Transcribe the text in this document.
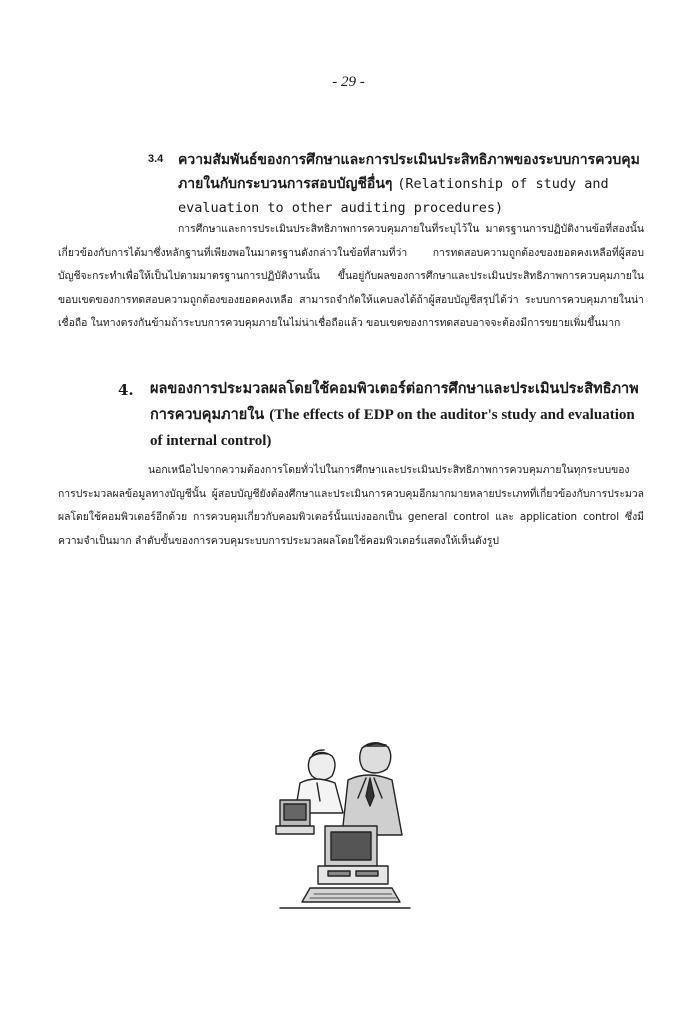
- 29 -
3.4 ความสัมพันธ์ของการศึกษาและการประเมินประสิทธิภาพของระบบการควบคุมภายในกับกระบวนการสอบบัญชีอื่นๆ (Relationship of study and evaluation to other auditing procedures)
การศึกษาและการประเมินประสิทธิภาพการควบคุมภายในที่ระบุไว้ใน มาตรฐานการปฏิบัติงานข้อที่สองนั้น เกี่ยวข้องกับการได้มาซึ่งหลักฐานที่เพียงพอในมาตรฐานดังกล่าวในข้อที่สามที่ว่า การทดสอบความถูกต้องของยอดคงเหลือที่ผู้สอบบัญชีจะกระทำเพื่อให้เป็นไปตามมาตรฐานการปฏิบัติงานนั้น ขึ้นอยู่กับผลของการศึกษาและประเมินประสิทธิภาพการควบคุมภายใน ขอบเขตของการทดสอบความถูกต้องของยอดคงเหลือ สามารถจำกัดให้แคบลงได้ถ้าผู้สอบบัญชีสรุปได้ว่า ระบบการควบคุมภายในน่าเชื่อถือ ในทางตรงกันข้ามถ้าระบบการควบคุมภายในไม่น่าเชื่อถือแล้ว ขอบเขตของการทดสอบอาจจะต้องมีการขยายเพิ่มขึ้นมาก
4. ผลของการประมวลผลโดยใช้คอมพิวเตอร์ต่อการศึกษาและประเมินประสิทธิภาพการควบคุมภายใน (The effects of EDP on the auditor's study and evaluation of internal control)
นอกเหนือไปจากความต้องการโดยทั่วไปในการศึกษาและประเมินประสิทธิภาพการควบคุมภายในทุกระบบของการประมวลผลข้อมูลทางบัญชีนั้น ผู้สอบบัญชียังต้องศึกษาและประเมินการควบคุมอีกมากมายหลายประเภทที่เกี่ยวข้องกับการประมวลผลโดยใช้คอมพิวเตอร์อีกด้วย การควบคุมเกี่ยวกับคอมพิวเตอร์นั้นแบ่งออกเป็น general control และ application control ซึ่งมีความจำเป็นมาก ลำดับขั้นของการควบคุมระบบการประมวลผลโดยใช้คอมพิวเตอร์แสดงให้เห็นดังรูป
